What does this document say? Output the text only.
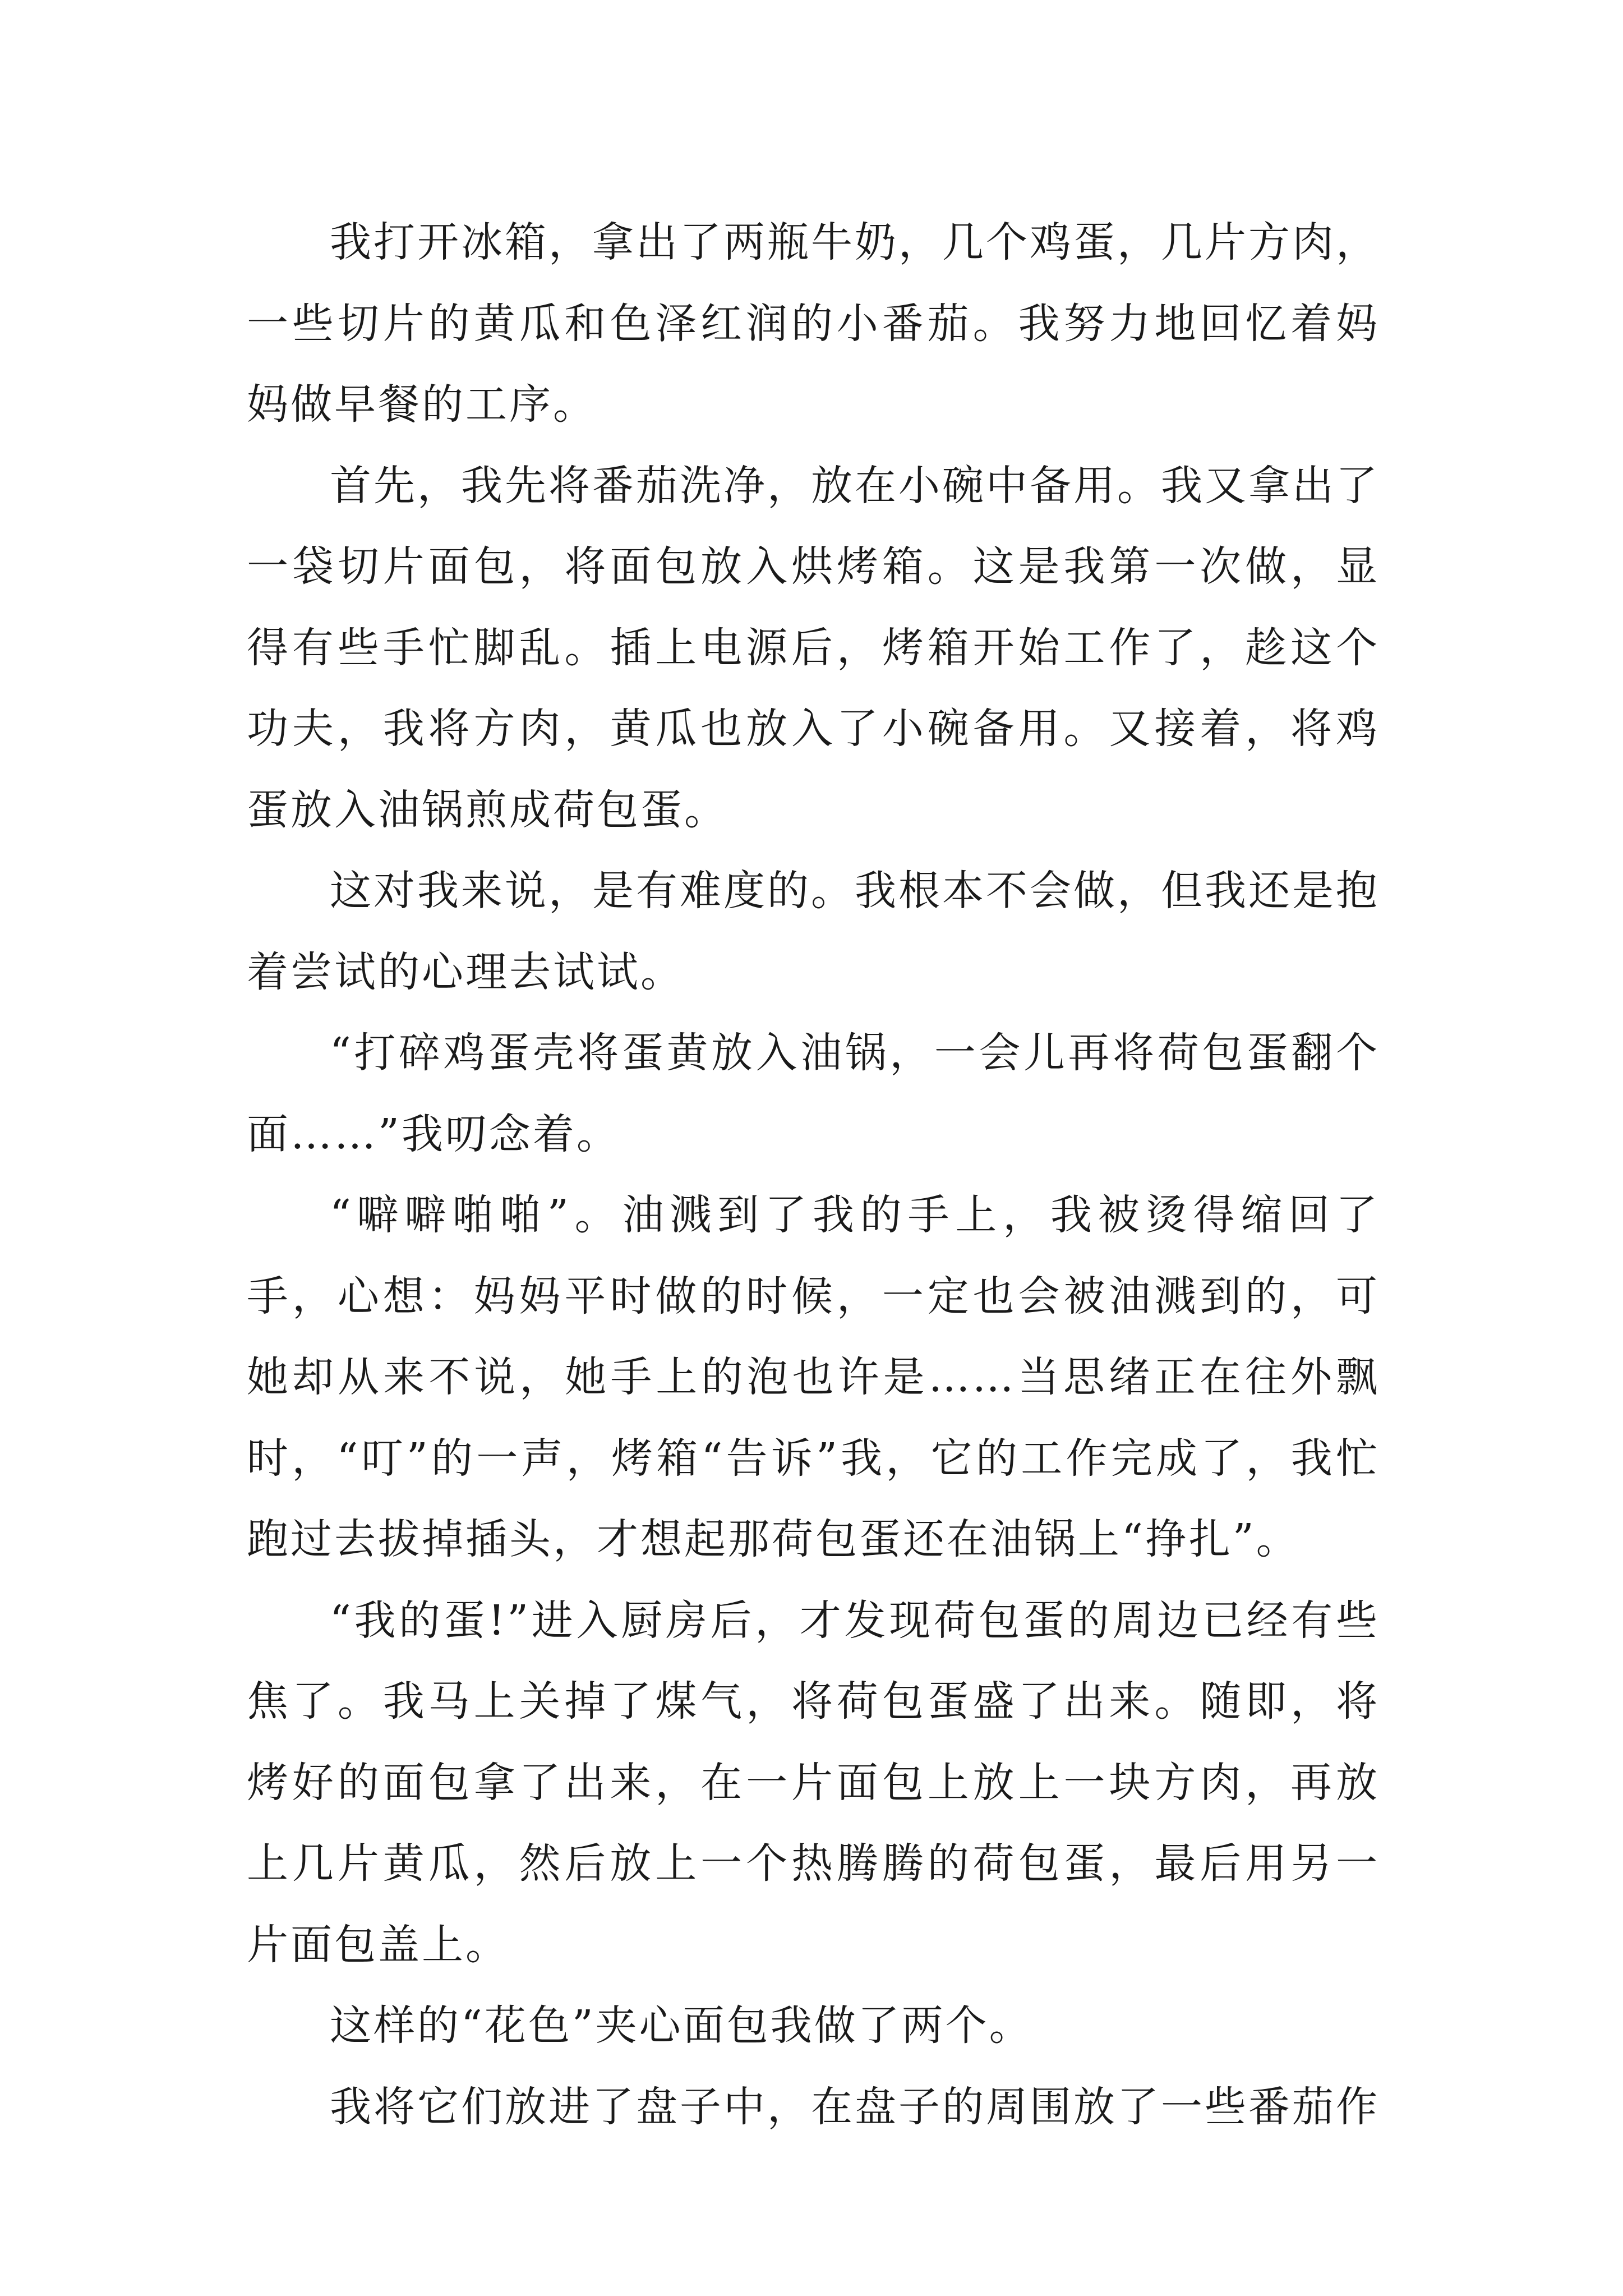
我打开冰箱，拿出了两瓶牛奶，几个鸡蛋，几片方肉，一些切片的黄瓜和色泽红润的小番茄。我努力地回忆着妈妈做早餐的工序。

首先，我先将番茄洗净，放在小碗中备用。我又拿出了一袋切片面包，将面包放入烘烤箱。这是我第一次做，显得有些手忙脚乱。插上电源后，烤箱开始工作了，趁这个功夫，我将方肉，黄瓜也放入了小碗备用。又接着，将鸡蛋放入油锅煎成荷包蛋。

这对我来说，是有难度的。我根本不会做，但我还是抱着尝试的心理去试试。

“打碎鸡蛋壳将蛋黄放入油锅，一会儿再将荷包蛋翻个面……”我叨念着。

“噼噼啪啪”。油溅到了我的手上，我被烫得缩回了手，心想：妈妈平时做的时候，一定也会被油溅到的，可她却从来不说，她手上的泡也许是……当思绪正在往外飘时，“叮”的一声，烤箱“告诉”我，它的工作完成了，我忙跑过去拔掉插头，才想起那荷包蛋还在油锅上“挣扎”。

“我的蛋!”进入厨房后，才发现荷包蛋的周边已经有些焦了。我马上关掉了煤气，将荷包蛋盛了出来。随即，将烤好的面包拿了出来，在一片面包上放上一块方肉，再放上几片黄瓜，然后放上一个热腾腾的荷包蛋，最后用另一片面包盖上。

这样的“花色”夹心面包我做了两个。

我将它们放进了盘子中，在盘子的周围放了一些番茄作
